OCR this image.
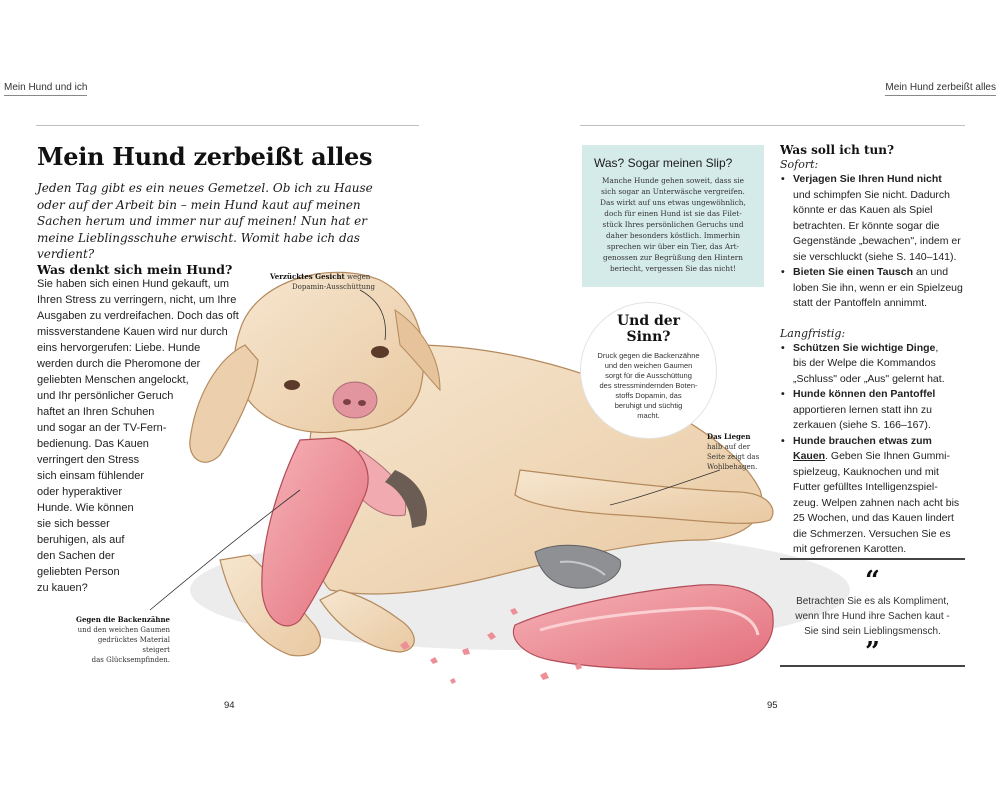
Mein Hund und ich	Mein Hund zerbeißt alles
Mein Hund zerbeißt alles

Jeden Tag gibt es ein neues Gemetzel. Ob ich zu Hause oder auf der Arbeit bin – mein Hund kaut auf meinen Sachen herum und immer nur auf meinen! Nun hat er meine Lieblingsschuhe erwischt. Womit habe ich das verdient?

Was denkt sich mein Hund?
Sie haben sich einen Hund gekauft, um
Ihren Stress zu verringern, nicht, um Ihre
Ausgaben zu verdreifachen. Doch das oft
missverstandene Kauen wird nur durch
eins hervorgerufen: Liebe. Hunde
werden durch die Pheromone der
geliebten Menschen angelockt,
und Ihr persönlicher Geruch
haftet an Ihren Schuhen
und sogar an der TV-Fern-
bedienung. Das Kauen
verringert den Stress
sich einsam fühlender
oder hyperaktiver
Hunde. Wie können
sie sich besser
beruhigen, als auf
den Sachen der
geliebten Person
zu kauen?
Verzücktes Gesicht wegen
Dopamin-Ausschüttung
Das Liegen
halb auf der
Seite zeigt das
Wohlbehagen.
Gegen die Backenzähne
und den weichen Gaumen
gedrücktes Material steigert
das Glücksempfinden.
Was? Sogar meinen Slip?
Manche Hunde gehen soweit, dass sie
sich sogar an Unterwäsche vergreifen.
Das wirkt auf uns etwas ungewöhnlich,
doch für einen Hund ist sie das Filet-
stück Ihres persönlichen Geruchs und
daher besonders köstlich. Immerhin
sprechen wir über ein Tier, das Art-
genossen zur Begrüßung den Hintern
beriecht, vergessen Sie das nicht!
Und der
Sinn?
Druck gegen die Backenzähne
und den weichen Gaumen
sorgt für die Ausschüttung
des stressmindernden Boten-
stoffs Dopamin, das
beruhigt und süchtig
macht.
Was soll ich tun?
Sofort:
• Verjagen Sie Ihren Hund nicht
und schimpfen Sie nicht. Dadurch
könnte er das Kauen als Spiel
betrachten. Er könnte sogar die
Gegenstände „bewachen", indem er
sie verschluckt (siehe S. 140–141).
• Bieten Sie einen Tausch an und
loben Sie ihn, wenn er ein Spielzeug
statt der Pantoffeln annimmt.
Langfristig:
• Schützen Sie wichtige Dinge,
bis der Welpe die Kommandos
„Schluss" oder „Aus" gelernt hat.
• Hunde können den Pantoffel
apportieren lernen statt ihn zu
zerkauen (siehe S. 166–167).
• Hunde brauchen etwas zum
Kauen. Geben Sie Ihnen Gummi-
spielzeug, Kauknochen und mit
Futter gefülltes Intelligenzspiel-
zeug. Welpen zahnen nach acht bis
25 Wochen, und das Kauen lindert
die Schmerzen. Versuchen Sie es
mit gefrorenen Karotten.
“
Betrachten Sie es als Kompliment,
wenn Ihre Hund ihre Sachen kaut -
Sie sind sein Lieblingsmensch.
”
94	95
